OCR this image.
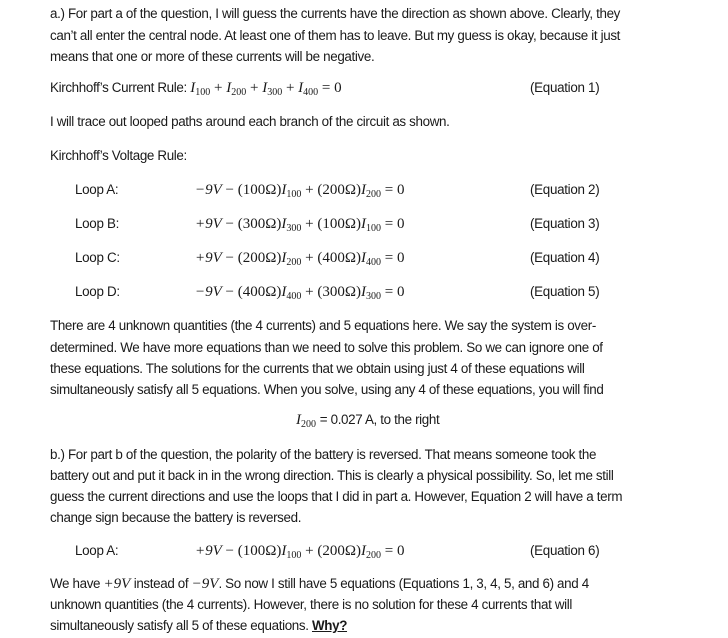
a.) For part a of the question, I will guess the currents have the direction as shown above. Clearly, they
can’t all enter the central node. At least one of them has to leave. But my guess is okay, because it just
means that one or more of these currents will be negative.
Kirchhoff’s Current Rule: $I_{100} + I_{200} + I_{300} + I_{400} = 0$	(Equation 1)
I will trace out looped paths around each branch of the circuit as shown.
Kirchhoff’s Voltage Rule:
Loop A:	$-9V - (100\Omega)I_{100} + (200\Omega)I_{200} = 0$	(Equation 2)
Loop B:	$+9V - (300\Omega)I_{300} + (100\Omega)I_{100} = 0$	(Equation 3)
Loop C:	$+9V - (200\Omega)I_{200} + (400\Omega)I_{400} = 0$	(Equation 4)
Loop D:	$-9V - (400\Omega)I_{400} + (300\Omega)I_{300} = 0$	(Equation 5)
There are 4 unknown quantities (the 4 currents) and 5 equations here. We say the system is over-
determined. We have more equations than we need to solve this problem. So we can ignore one of
these equations. The solutions for the currents that we obtain using just 4 of these equations will
simultaneously satisfy all 5 equations. When you solve, using any 4 of these equations, you will find
$I_{200} = 0.027$ A, to the right
b.) For part b of the question, the polarity of the battery is reversed. That means someone took the
battery out and put it back in in the wrong direction. This is clearly a physical possibility. So, let me still
guess the current directions and use the loops that I did in part a. However, Equation 2 will have a term
change sign because the battery is reversed.
Loop A:	$+9V - (100\Omega)I_{100} + (200\Omega)I_{200} = 0$	(Equation 6)
We have +9V instead of −9V. So now I still have 5 equations (Equations 1, 3, 4, 5, and 6) and 4
unknown quantities (the 4 currents). However, there is no solution for these 4 currents that will
simultaneously satisfy all 5 of these equations. Why?
